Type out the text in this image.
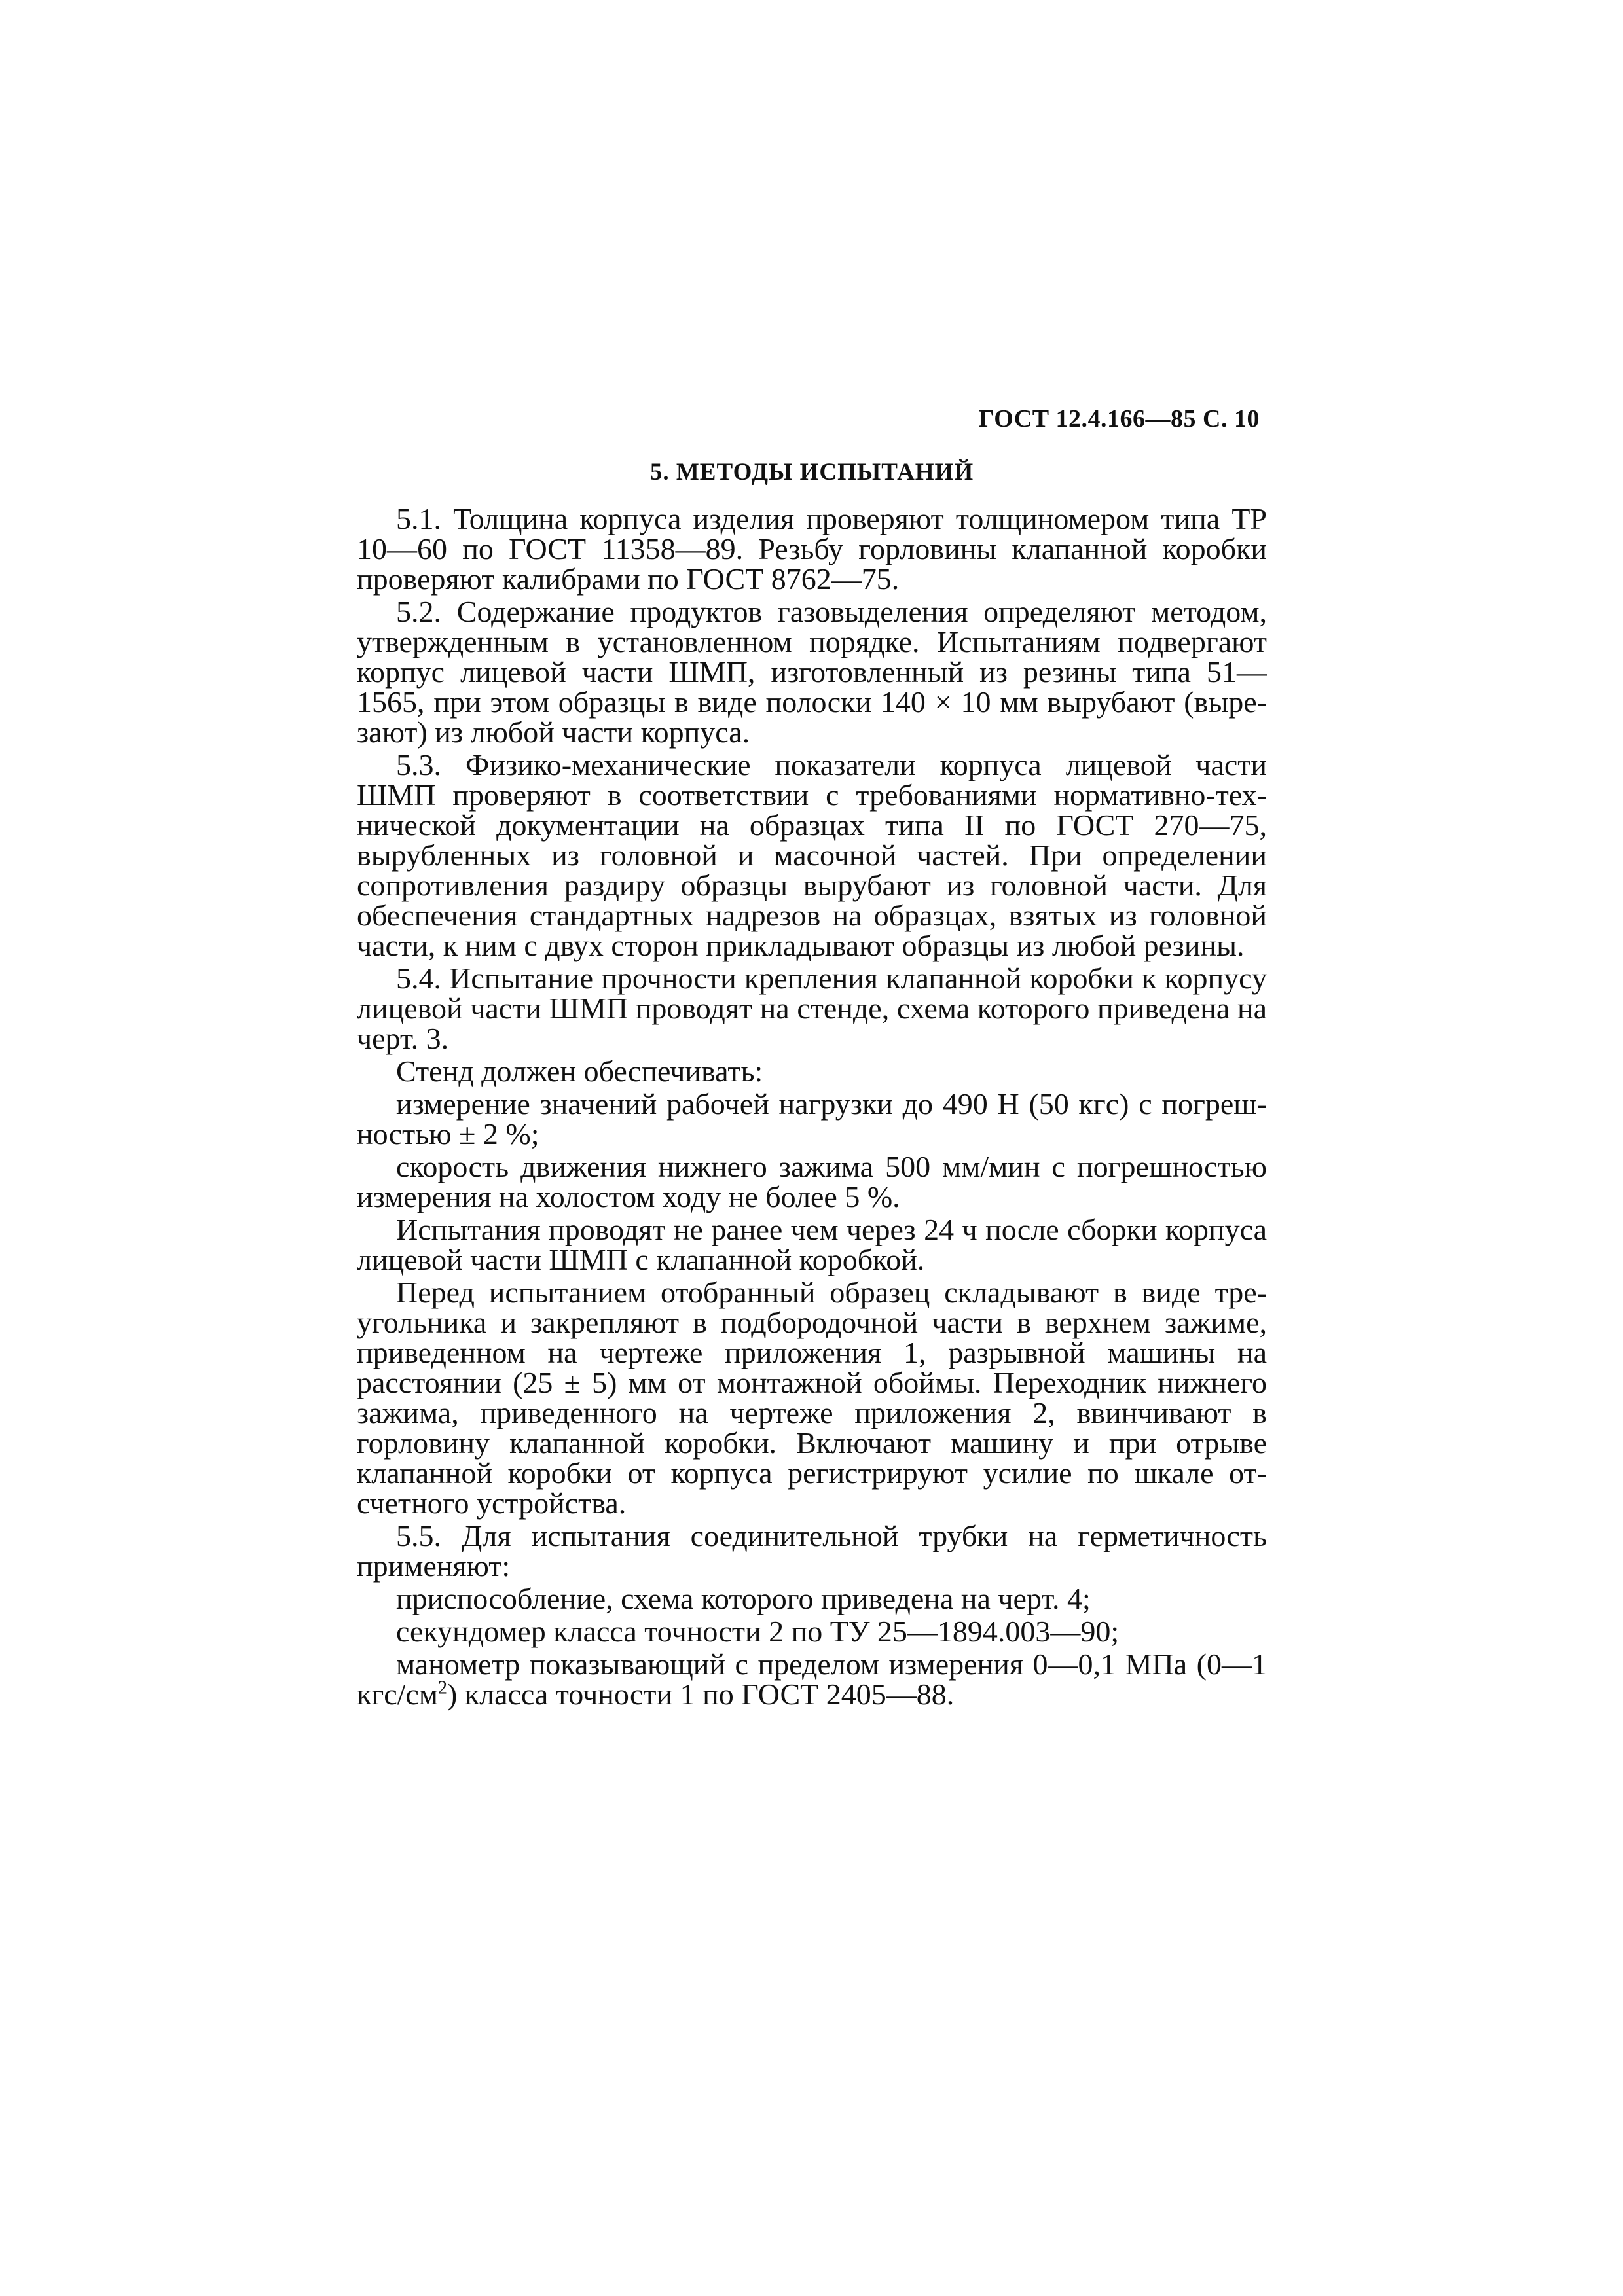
ГОСТ 12.4.166—85 С. 10
5. МЕТОДЫ ИСПЫТАНИЙ

5.1. Толщина корпуса изделия проверяют толщиномером типа ТР 10—60 по ГОСТ 11358—89. Резьбу горловины клапанной коробки проверяют калибрами по ГОСТ 8762—75.

5.2. Содержание продуктов газовыделения определяют методом, утвержденным в установленном порядке. Испытаниям подвергают корпус лицевой части ШМП, изготовленный из резины типа 51—1565, при этом образцы в виде полоски 140 × 10 мм вырубают (вырезают) из любой части корпуса.

5.3. Физико-механические показатели корпуса лицевой части ШМП проверяют в соответствии с требованиями нормативно-технической документации на образцах типа II по ГОСТ 270—75, вырубленных из головной и масочной частей. При определении сопротивления раздиру образцы вырубают из головной части. Для обеспечения стандартных надрезов на образцах, взятых из головной части, к ним с двух сторон прикладывают образцы из любой резины.

5.4. Испытание прочности крепления клапанной коробки к корпусу лицевой части ШМП проводят на стенде, схема которого приведена на черт. 3.

Стенд должен обеспечивать:

измерение значений рабочей нагрузки до 490 Н (50 кгс) с погрешностью ± 2 %;

скорость движения нижнего зажима 500 мм/мин с погрешностью измерения на холостом ходу не более 5 %.

Испытания проводят не ранее чем через 24 ч после сборки корпуса лицевой части ШМП с клапанной коробкой.

Перед испытанием отобранный образец складывают в виде треугольника и закрепляют в подбородочной части в верхнем зажиме, приведенном на чертеже приложения 1, разрывной машины на расстоянии (25 ± 5) мм от монтажной обоймы. Переходник нижнего зажима, приведенного на чертеже приложения 2, ввинчивают в горловину клапанной коробки. Включают машину и при отрыве клапанной коробки от корпуса регистрируют усилие по шкале отсчетного устройства.

5.5. Для испытания соединительной трубки на герметичность применяют:

приспособление, схема которого приведена на черт. 4;

секундомер класса точности 2 по ТУ 25—1894.003—90;

манометр показывающий с пределом измерения 0—0,1 МПа (0—1 кгс/$см^2$) класса точности 1 по ГОСТ 2405—88.
